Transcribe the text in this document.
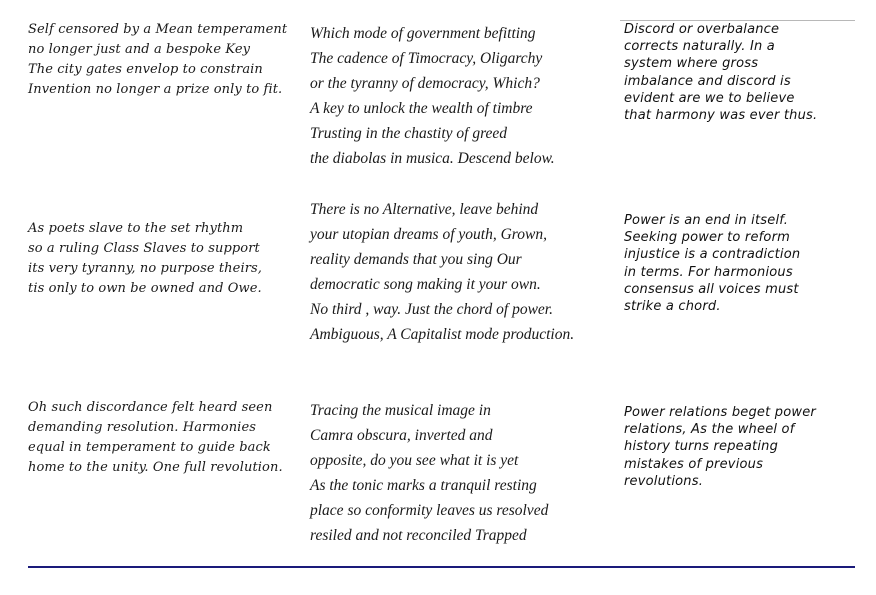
Self censored by a Mean temperament
no longer just and a bespoke Key
The city gates envelop to constrain
Invention no longer a prize only to fit.
Which mode of government befitting
The cadence of Timocracy, Oligarchy
or the tyranny of democracy, Which?
A key to unlock the wealth of timbre
Trusting in the chastity of greed
the diabolas in musica. Descend below.
Discord or overbalance
corrects naturally. In a
system where gross
imbalance and discord is
evident are we to believe
that harmony was ever thus.
As poets slave to the set rhythm
so a ruling Class Slaves to support
its very tyranny, no purpose theirs,
tis only to own be owned and Owe.
There is no Alternative, leave behind
your utopian dreams of youth, Grown,
reality demands that you sing Our
democratic song making it your own.
No third , way. Just the chord of power.
Ambiguous, A Capitalist mode production.
Power is an end in itself.
Seeking power to reform
injustice is a contradiction
in terms. For harmonious
consensus all voices must
strike a chord.
Oh such discordance felt heard seen
demanding resolution. Harmonies
equal in temperament to guide back
home to the unity. One full revolution.
Tracing the musical image in
Camra obscura, inverted and
opposite, do you see what it is yet
As the tonic marks a tranquil resting
place so conformity leaves us resolved
resiled and not reconciled Trapped
Power relations beget power
relations, As the wheel of
history turns repeating
mistakes of previous
revolutions.
